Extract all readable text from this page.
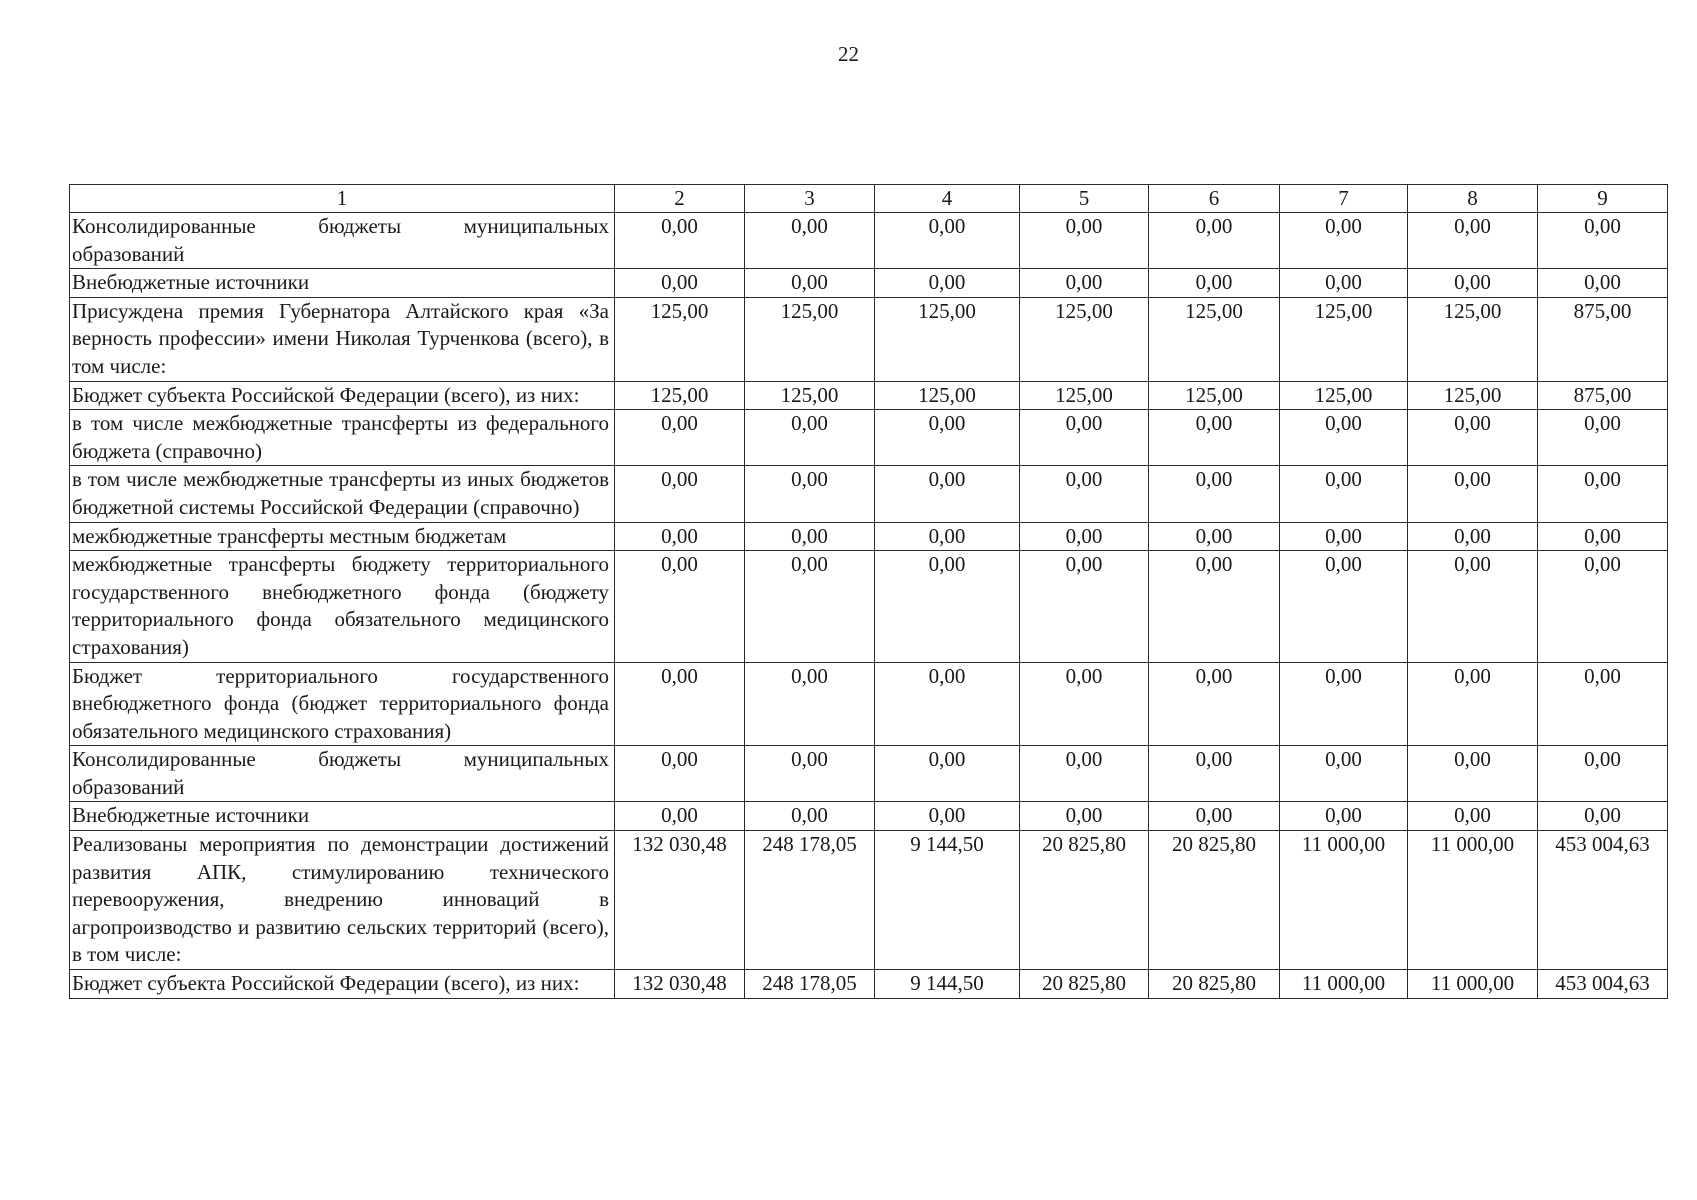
22
1	2	3	4	5	6	7	8	9
Консолидированные бюджеты муниципальных образований	0,00	0,00	0,00	0,00	0,00	0,00	0,00	0,00
Внебюджетные источники	0,00	0,00	0,00	0,00	0,00	0,00	0,00	0,00
Присуждена премия Губернатора Алтайского края «За верность профессии» имени Николая Турченкова (всего), в том числе:	125,00	125,00	125,00	125,00	125,00	125,00	125,00	875,00
Бюджет субъекта Российской Федерации (всего), из них:	125,00	125,00	125,00	125,00	125,00	125,00	125,00	875,00
в том числе межбюджетные трансферты из федерального бюджета (справочно)	0,00	0,00	0,00	0,00	0,00	0,00	0,00	0,00
в том числе межбюджетные трансферты из иных бюджетов бюджетной системы Российской Федерации (справочно)	0,00	0,00	0,00	0,00	0,00	0,00	0,00	0,00
межбюджетные трансферты местным бюджетам	0,00	0,00	0,00	0,00	0,00	0,00	0,00	0,00
межбюджетные трансферты бюджету территориального государственного внебюджетного фонда (бюджету территориального фонда обязательного медицинского страхования)	0,00	0,00	0,00	0,00	0,00	0,00	0,00	0,00
Бюджет территориального государственного внебюджетного фонда (бюджет территориального фонда обязательного медицинского страхования)	0,00	0,00	0,00	0,00	0,00	0,00	0,00	0,00
Консолидированные бюджеты муниципальных образований	0,00	0,00	0,00	0,00	0,00	0,00	0,00	0,00
Внебюджетные источники	0,00	0,00	0,00	0,00	0,00	0,00	0,00	0,00
Реализованы мероприятия по демонстрации достижений развития АПК, стимулированию технического перевооружения, внедрению инноваций в агропроизводство и развитию сельских территорий (всего), в том числе:	132 030,48	248 178,05	9 144,50	20 825,80	20 825,80	11 000,00	11 000,00	453 004,63
Бюджет субъекта Российской Федерации (всего), из них:	132 030,48	248 178,05	9 144,50	20 825,80	20 825,80	11 000,00	11 000,00	453 004,63
